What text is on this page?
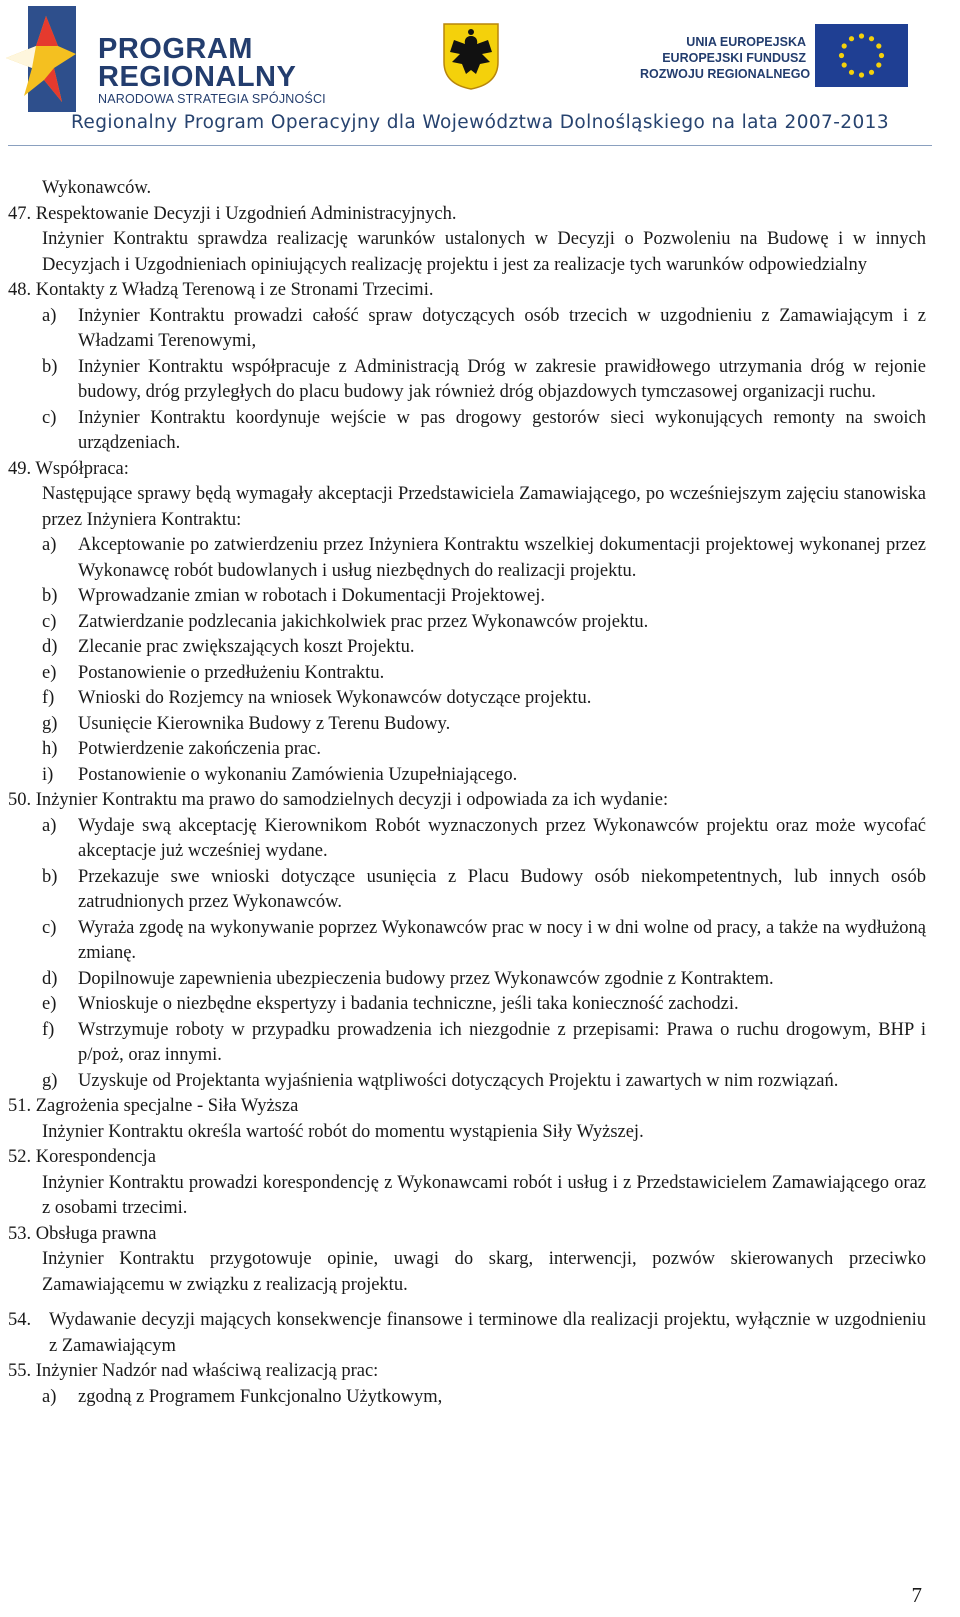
PROGRAM
REGIONALNY
NARODOWA STRATEGIA SPÓJNOŚCI
UNIA EUROPEJSKA
EUROPEJSKI FUNDUSZ
ROZWOJU REGIONALNEGO
Regionalny Program Operacyjny dla Województwa Dolnośląskiego na lata 2007-2013
Wykonawców.
47. Respektowanie Decyzji i Uzgodnień Administracyjnych.
Inżynier Kontraktu sprawdza realizację warunków ustalonych w Decyzji o Pozwoleniu na Budowę i w innych Decyzjach i Uzgodnieniach opiniujących realizację projektu i jest za realizacje tych warunków odpowiedzialny
48. Kontakty z Władzą Terenową i ze Stronami Trzecimi.
a) Inżynier Kontraktu prowadzi całość spraw dotyczących osób trzecich w uzgodnieniu z Zamawiającym i z Władzami Terenowymi,
b) Inżynier Kontraktu współpracuje z Administracją Dróg w zakresie prawidłowego utrzymania dróg w rejonie budowy, dróg przyległych do placu budowy jak również dróg objazdowych tymczasowej organizacji ruchu.
c) Inżynier Kontraktu koordynuje wejście w pas drogowy gestorów sieci wykonujących remonty na swoich urządzeniach.
49. Współpraca:
Następujące sprawy będą wymagały akceptacji Przedstawiciela Zamawiającego, po wcześniejszym zajęciu stanowiska przez Inżyniera Kontraktu:
a) Akceptowanie po zatwierdzeniu przez Inżyniera Kontraktu wszelkiej dokumentacji projektowej wykonanej przez Wykonawcę robót budowlanych i usług niezbędnych do realizacji projektu.
b) Wprowadzanie zmian w robotach i Dokumentacji Projektowej.
c) Zatwierdzanie podzlecania jakichkolwiek prac przez Wykonawców projektu.
d) Zlecanie prac zwiększających koszt Projektu.
e) Postanowienie o przedłużeniu Kontraktu.
f) Wnioski do Rozjemcy na wniosek Wykonawców dotyczące projektu.
g) Usunięcie Kierownika Budowy z Terenu Budowy.
h) Potwierdzenie zakończenia prac.
i) Postanowienie o wykonaniu Zamówienia Uzupełniającego.
50. Inżynier Kontraktu ma prawo do samodzielnych decyzji i odpowiada za ich wydanie:
a) Wydaje swą akceptację Kierownikom Robót wyznaczonych przez Wykonawców projektu oraz może wycofać akceptacje już wcześniej wydane.
b) Przekazuje swe wnioski dotyczące usunięcia z Placu Budowy osób niekompetentnych, lub innych osób zatrudnionych przez Wykonawców.
c) Wyraża zgodę na wykonywanie poprzez Wykonawców prac w nocy i w dni wolne od pracy, a także na wydłużoną zmianę.
d) Dopilnowuje zapewnienia ubezpieczenia budowy przez Wykonawców zgodnie z Kontraktem.
e) Wnioskuje o niezbędne ekspertyzy i badania techniczne, jeśli taka konieczność zachodzi.
f) Wstrzymuje roboty w przypadku prowadzenia ich niezgodnie z przepisami: Prawa o ruchu drogowym, BHP i p/poż, oraz innymi.
g) Uzyskuje od Projektanta wyjaśnienia wątpliwości dotyczących Projektu i zawartych w nim rozwiązań.
51. Zagrożenia specjalne - Siła Wyższa
Inżynier Kontraktu określa wartość robót do momentu wystąpienia Siły Wyższej.
52. Korespondencja
Inżynier Kontraktu prowadzi korespondencję z Wykonawcami robót i usług i z Przedstawicielem Zamawiającego oraz z osobami trzecimi.
53. Obsługa prawna
Inżynier Kontraktu przygotowuje opinie, uwagi do skarg, interwencji, pozwów skierowanych przeciwko Zamawiającemu w związku z realizacją projektu.
54. Wydawanie decyzji mających konsekwencje finansowe i terminowe dla realizacji projektu, wyłącznie w uzgodnieniu z Zamawiającym
55. Inżynier Nadzór nad właściwą realizacją prac:
a) zgodną z Programem Funkcjonalno Użytkowym,
7
